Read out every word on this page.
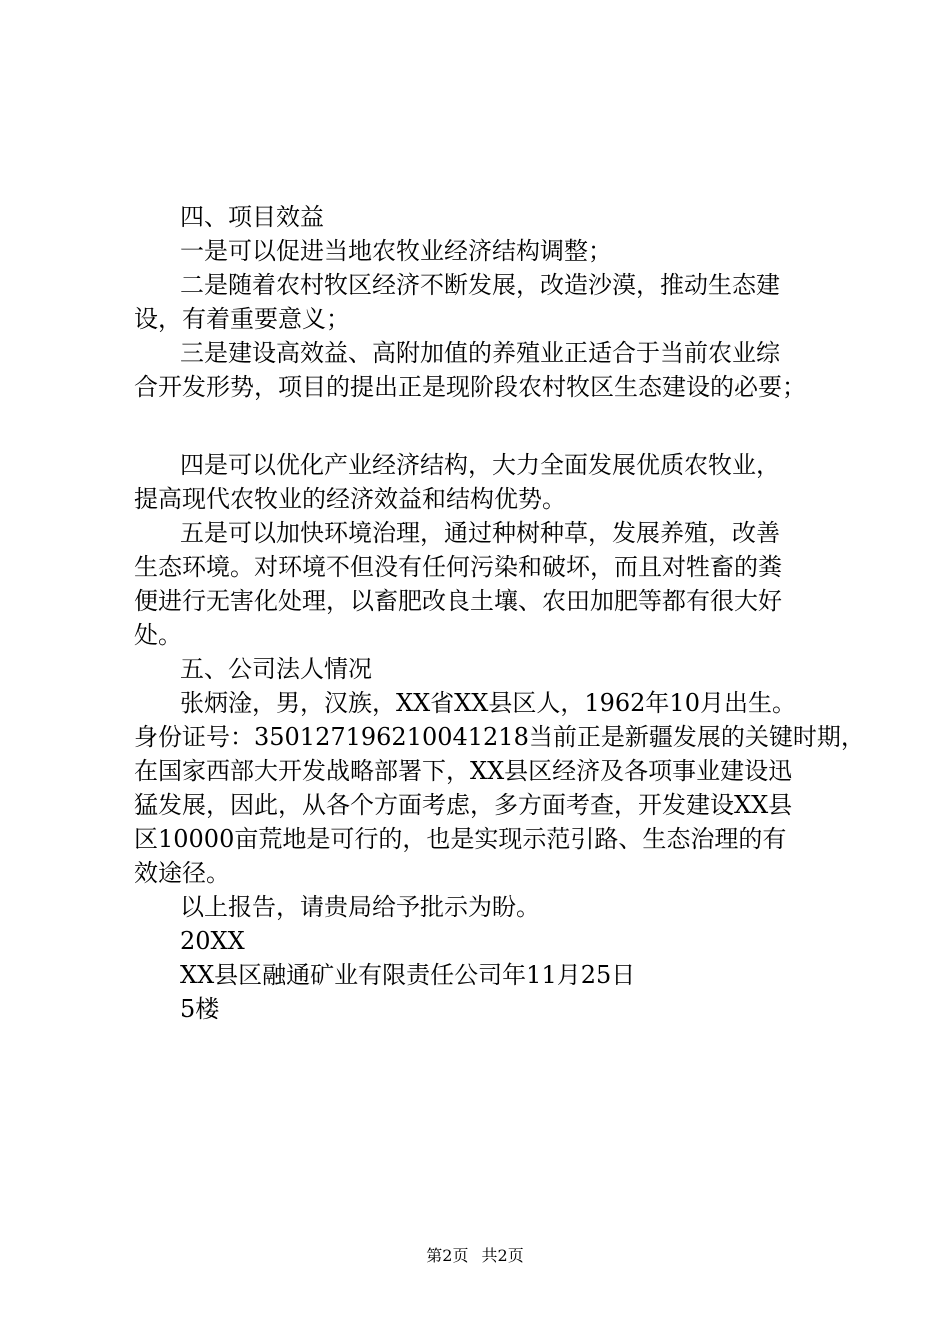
四、项目效益
一是可以促进当地农牧业经济结构调整；
二是随着农村牧区经济不断发展，改造沙漠，推动生态建
设，有着重要意义；
三是建设高效益、高附加值的养殖业正适合于当前农业综
合开发形势，项目的提出正是现阶段农村牧区生态建设的必要；
四是可以优化产业经济结构，大力全面发展优质农牧业，
提高现代农牧业的经济效益和结构优势。
五是可以加快环境治理，通过种树种草，发展养殖，改善
生态环境。对环境不但没有任何污染和破坏，而且对牲畜的粪
便进行无害化处理，以畜肥改良土壤、农田加肥等都有很大好
处。
五、公司法人情况
张炳淦，男，汉族，XX省XX县区人，1962年10月出生。
身份证号：350127196210041218当前正是新疆发展的关键时期，
在国家西部大开发战略部署下，XX县区经济及各项事业建设迅
猛发展，因此，从各个方面考虑，多方面考查，开发建设XX县
区10000亩荒地是可行的，也是实现示范引路、生态治理的有
效途径。
以上报告，请贵局给予批示为盼。
20XX
XX县区融通矿业有限责任公司年11月25日
5楼
第2页 共2页
